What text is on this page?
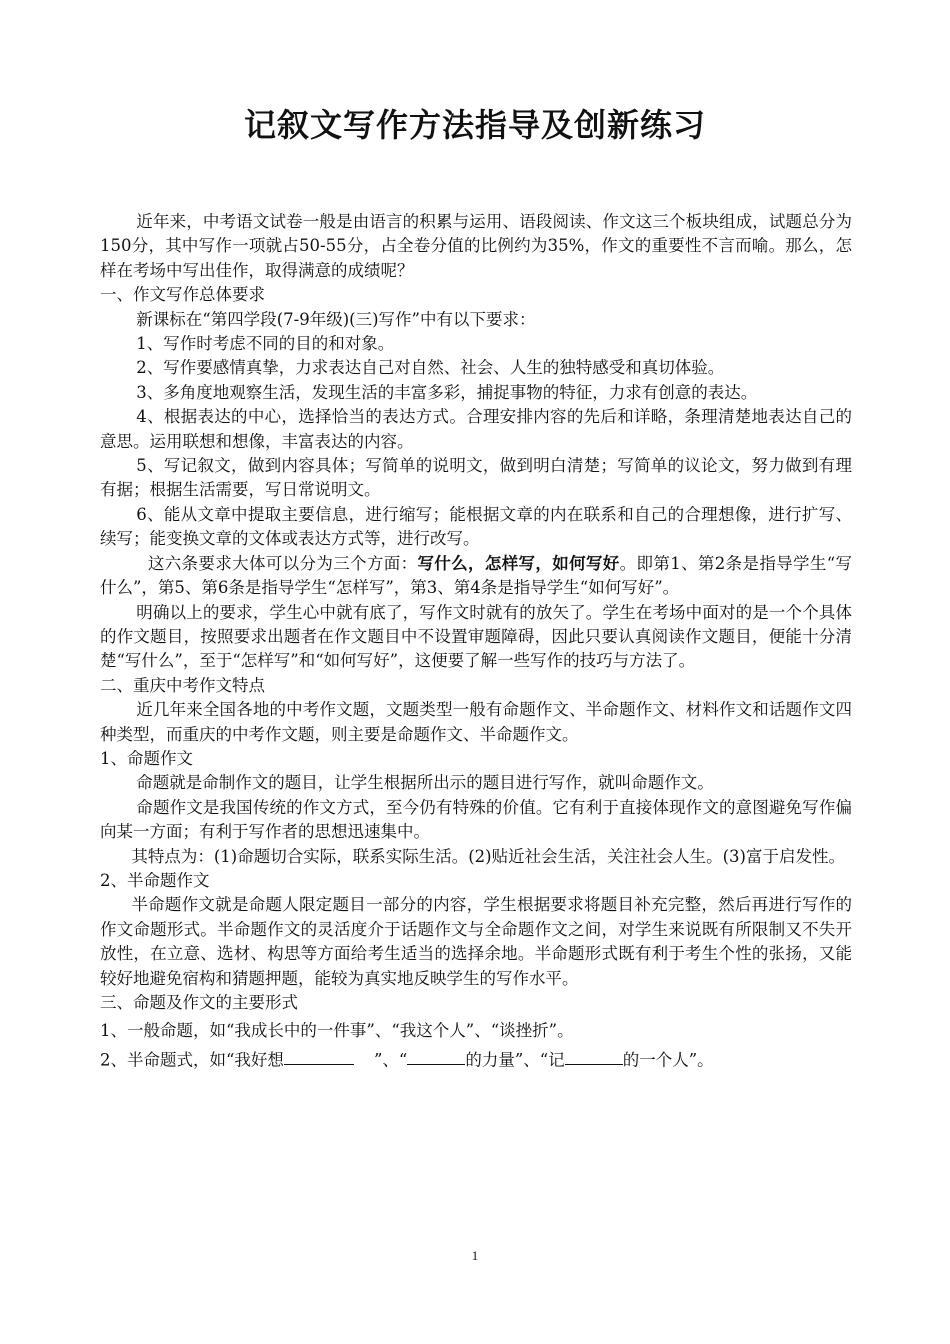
记叙文写作方法指导及创新练习

近年来，中考语文试卷一般是由语言的积累与运用、语段阅读、作文这三个板块组成，试题总分为150分，其中写作一项就占50-55分，占全卷分值的比例约为35%，作文的重要性不言而喻。那么，怎样在考场中写出佳作，取得满意的成绩呢？

一、作文写作总体要求

新课标在“第四学段(7-9年级)(三)写作”中有以下要求：

1、写作时考虑不同的目的和对象。

2、写作要感情真挚，力求表达自己对自然、社会、人生的独特感受和真切体验。

3、多角度地观察生活，发现生活的丰富多彩，捕捉事物的特征，力求有创意的表达。

4、根据表达的中心，选择恰当的表达方式。合理安排内容的先后和详略，条理清楚地表达自己的意思。运用联想和想像，丰富表达的内容。

5、写记叙文，做到内容具体；写简单的说明文，做到明白清楚；写简单的议论文，努力做到有理有据；根据生活需要，写日常说明文。

6、能从文章中提取主要信息，进行缩写；能根据文章的内在联系和自己的合理想像，进行扩写、续写；能变换文章的文体或表达方式等，进行改写。

这六条要求大体可以分为三个方面：写什么，怎样写，如何写好。即第1、第2条是指导学生“写什么”，第5、第6条是指导学生“怎样写”，第3、第4条是指导学生“如何写好”。

明确以上的要求，学生心中就有底了，写作文时就有的放矢了。学生在考场中面对的是一个个具体的作文题目，按照要求出题者在作文题目中不设置审题障碍，因此只要认真阅读作文题目，便能十分清楚“写什么”，至于“怎样写”和“如何写好”，这便要了解一些写作的技巧与方法了。

二、重庆中考作文特点

近几年来全国各地的中考作文题，文题类型一般有命题作文、半命题作文、材料作文和话题作文四种类型，而重庆的中考作文题，则主要是命题作文、半命题作文。

1、命题作文

命题就是命制作文的题目，让学生根据所出示的题目进行写作，就叫命题作文。

命题作文是我国传统的作文方式，至今仍有特殊的价值。它有利于直接体现作文的意图避免写作偏向某一方面；有利于写作者的思想迅速集中。

其特点为：(1)命题切合实际，联系实际生活。(2)贴近社会生活，关注社会人生。(3)富于启发性。

2、半命题作文

半命题作文就是命题人限定题目一部分的内容，学生根据要求将题目补充完整，然后再进行写作的作文命题形式。半命题作文的灵活度介于话题作文与全命题作文之间，对学生来说既有所限制又不失开放性，在立意、选材、构思等方面给考生适当的选择余地。半命题形式既有利于考生个性的张扬，又能较好地避免宿构和猜题押题，能较为真实地反映学生的写作水平。

三、命题及作文的主要形式

1、一般命题，如“我成长中的一件事”、“我这个人”、“谈挫折”。

2、半命题式，如“我好想	”、“	的力量”、“记	的一个人”。

1
